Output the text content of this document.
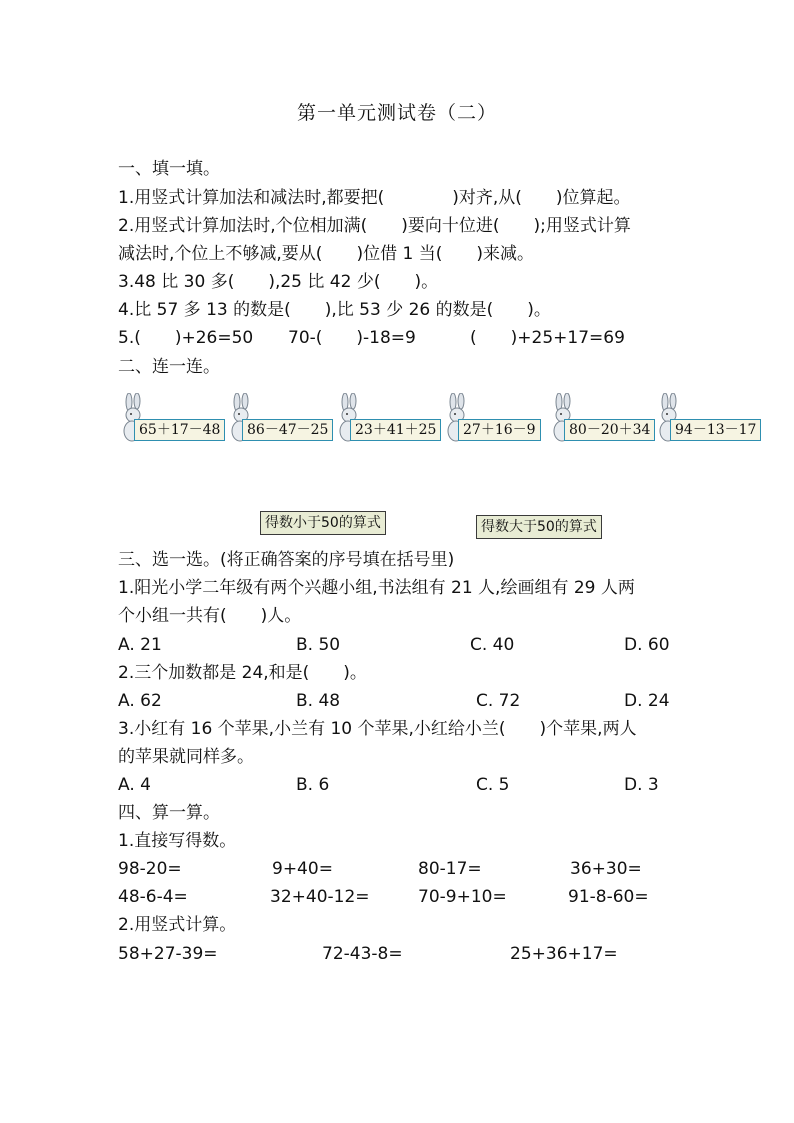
第一单元测试卷（二）
一、填一填。
1.用竖式计算加法和减法时,都要把(　　　　)对齐,从(　　)位算起。
2.用竖式计算加法时,个位相加满(　　)要向十位进(　　);用竖式计算
减法时,个位上不够减,要从(　　)位借 1 当(　　)来减。
3.48 比 30 多(　　),25 比 42 少(　　)。
4.比 57 多 13 的数是(　　),比 53 少 26 的数是(　　)。
5.(　　)+26=50 70-(　　)-18=9	(　　)+25+17=69
二、连一连。
65＋17－48	86－47－25	23＋41＋25	27＋16－9	80－20＋34	94－13－17
得数小于50的算式	得数大于50的算式
三、选一选。(将正确答案的序号填在括号里)
1.阳光小学二年级有两个兴趣小组,书法组有 21 人,绘画组有 29 人两
个小组一共有(　　)人。
A. 21	B. 50	C. 40	D. 60
2.三个加数都是 24,和是(　　)。
A. 62	B. 48	C. 72	D. 24
3.小红有 16 个苹果,小兰有 10 个苹果,小红给小兰(　　)个苹果,两人
的苹果就同样多。
A. 4	B. 6	C. 5	D. 3
四、算一算。
1.直接写得数。
98-20=	9+40=	80-17=	36+30=
48-6-4=	32+40-12=	70-9+10=	91-8-60=
2.用竖式计算。
58+27-39=	72-43-8=	25+36+17=
